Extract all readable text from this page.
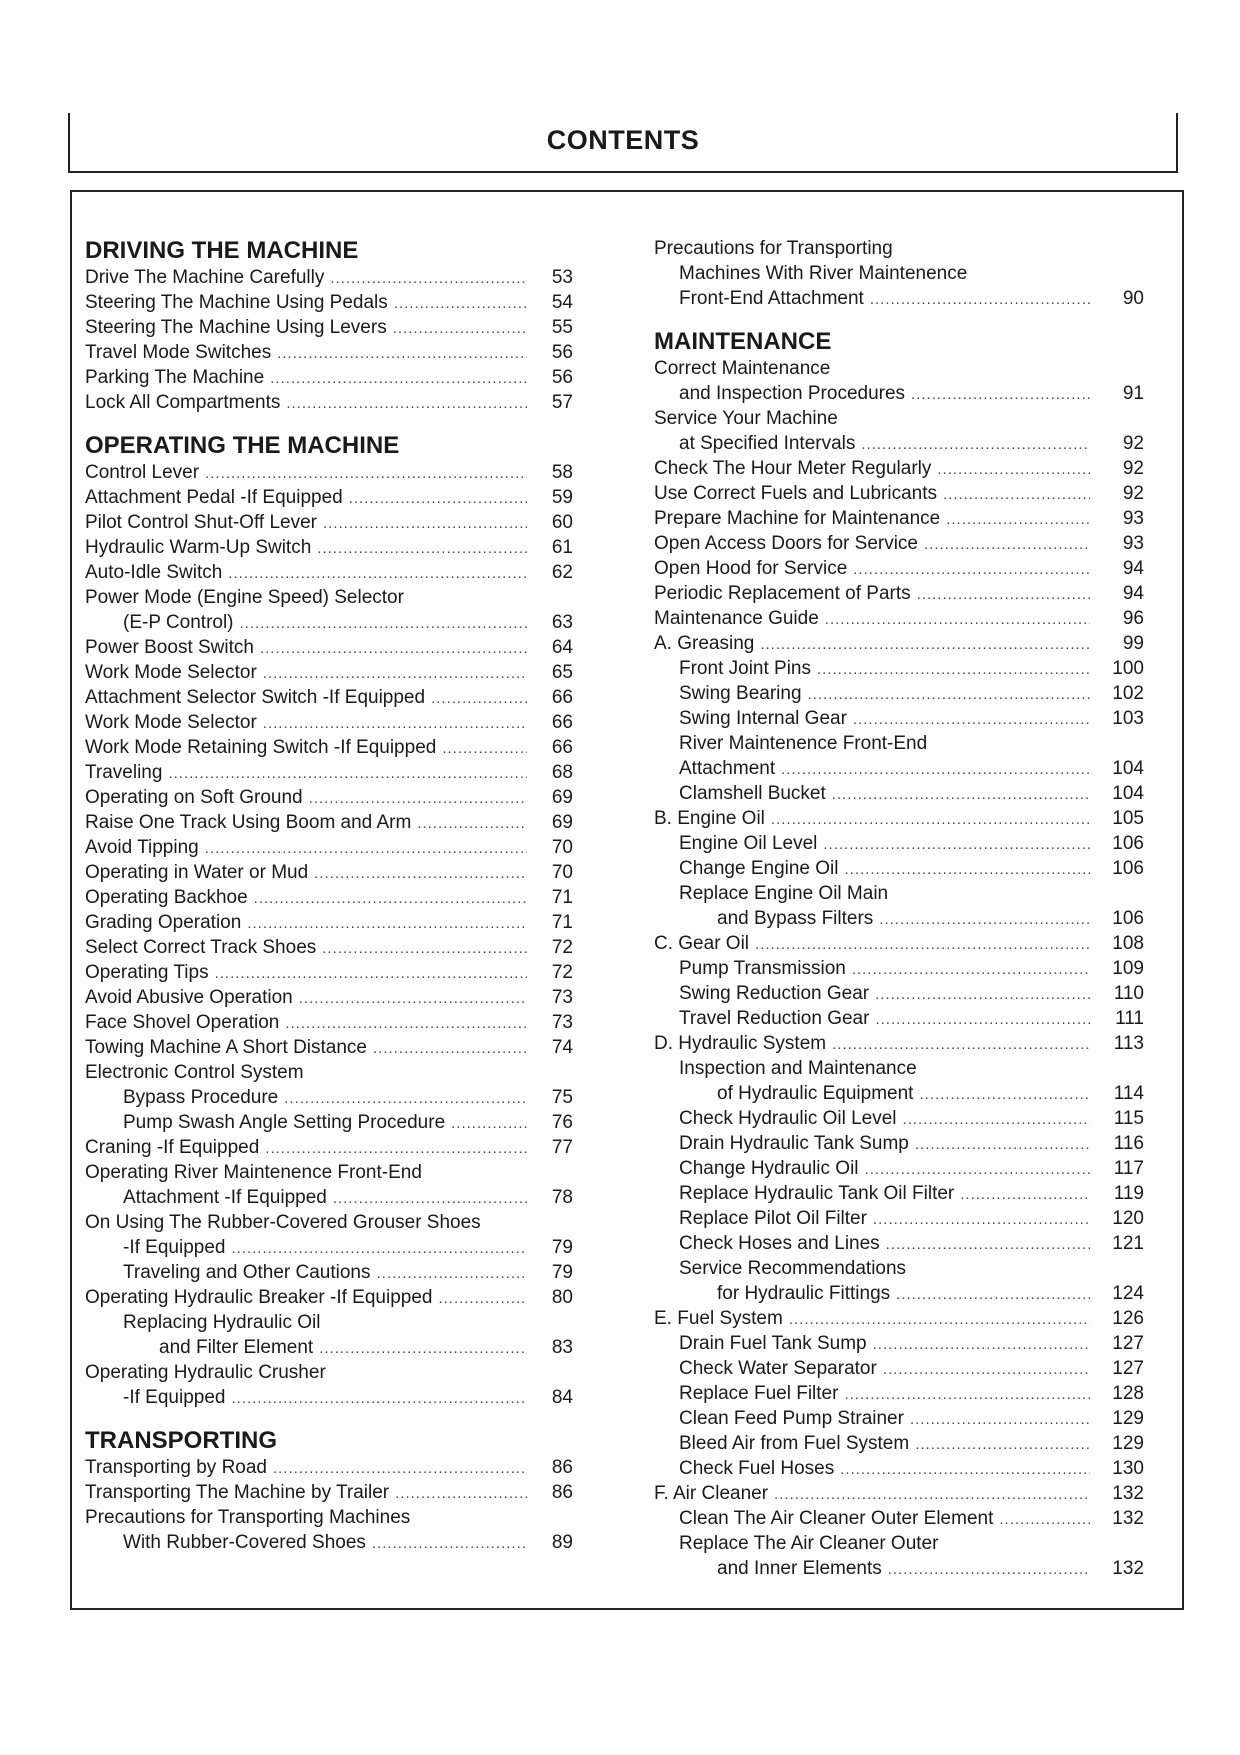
CONTENTS
DRIVING THE MACHINE
Drive The Machine Carefully .....	53
Steering The Machine Using Pedals .....	54
Steering The Machine Using Levers .....	55
Travel Mode Switches .....	56
Parking The Machine .....	56
Lock All Compartments .....	57
OPERATING THE MACHINE
Control Lever .....	58
Attachment Pedal -If Equipped .....	59
Pilot Control Shut-Off Lever .....	60
Hydraulic Warm-Up Switch .....	61
Auto-Idle Switch .....	62
Power Mode (Engine Speed) Selector
(E-P Control) .....	63
Power Boost Switch .....	64
Work Mode Selector .....	65
Attachment Selector Switch -If Equipped .....	66
Work Mode Selector .....	66
Work Mode Retaining Switch -If Equipped .....	66
Traveling .....	68
Operating on Soft Ground .....	69
Raise One Track Using Boom and Arm .....	69
Avoid Tipping .....	70
Operating in Water or Mud .....	70
Operating Backhoe .....	71
Grading Operation .....	71
Select Correct Track Shoes .....	72
Operating Tips .....	72
Avoid Abusive Operation .....	73
Face Shovel Operation .....	73
Towing Machine A Short Distance .....	74
Electronic Control System
Bypass Procedure .....	75
Pump Swash Angle Setting Procedure .....	76
Craning -If Equipped .....	77
Operating River Maintenence Front-End
Attachment -If Equipped .....	78
On Using The Rubber-Covered Grouser Shoes
-If Equipped .....	79
Traveling and Other Cautions .....	79
Operating Hydraulic Breaker -If Equipped .....	80
Replacing Hydraulic Oil
and Filter Element .....	83
Operating Hydraulic Crusher
-If Equipped .....	84
TRANSPORTING
Transporting by Road .....	86
Transporting The Machine by Trailer .....	86
Precautions for Transporting Machines
With Rubber-Covered Shoes .....	89
Precautions for Transporting
Machines With River Maintenence
Front-End Attachment .....	90
MAINTENANCE
Correct Maintenance
and Inspection Procedures .....	91
Service Your Machine
at Specified Intervals .....	92
Check The Hour Meter Regularly .....	92
Use Correct Fuels and Lubricants .....	92
Prepare Machine for Maintenance .....	93
Open Access Doors for Service .....	93
Open Hood for Service .....	94
Periodic Replacement of Parts .....	94
Maintenance Guide .....	96
A. Greasing .....	99
Front Joint Pins .....	100
Swing Bearing .....	102
Swing Internal Gear .....	103
River Maintenence Front-End
Attachment .....	104
Clamshell Bucket .....	104
B. Engine Oil .....	105
Engine Oil Level .....	106
Change Engine Oil .....	106
Replace Engine Oil Main
and Bypass Filters .....	106
C. Gear Oil .....	108
Pump Transmission .....	109
Swing Reduction Gear .....	110
Travel Reduction Gear .....	111
D. Hydraulic System .....	113
Inspection and Maintenance
of Hydraulic Equipment .....	114
Check Hydraulic Oil Level .....	115
Drain Hydraulic Tank Sump .....	116
Change Hydraulic Oil .....	117
Replace Hydraulic Tank Oil Filter .....	119
Replace Pilot Oil Filter .....	120
Check Hoses and Lines .....	121
Service Recommendations
for Hydraulic Fittings .....	124
E. Fuel System .....	126
Drain Fuel Tank Sump .....	127
Check Water Separator .....	127
Replace Fuel Filter .....	128
Clean Feed Pump Strainer .....	129
Bleed Air from Fuel System .....	129
Check Fuel Hoses .....	130
F. Air Cleaner .....	132
Clean The Air Cleaner Outer Element .....	132
Replace The Air Cleaner Outer
and Inner Elements .....	132
